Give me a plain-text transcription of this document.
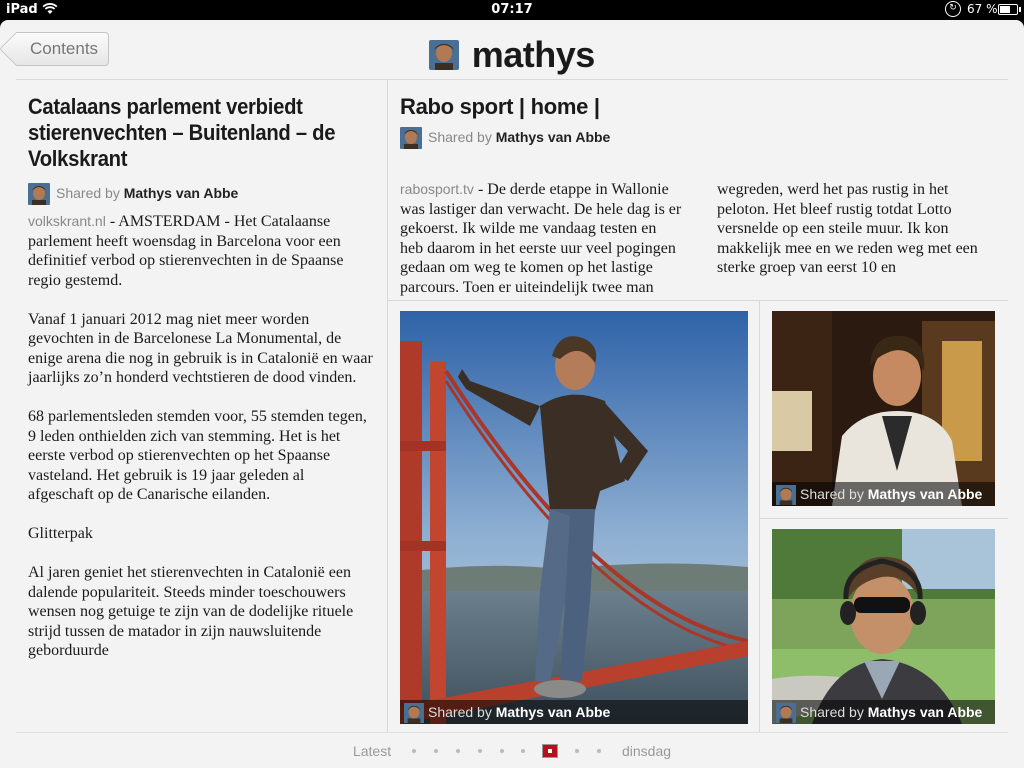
iPad	07:17	↻ 67 %
Contents	mathys
Catalaans parlement verbiedt stierenvechten – Buitenland – de Volkskrant
Shared by Mathys van Abbe

volkskrant.nl - AMSTERDAM - Het Catalaanse parlement heeft woensdag in Barcelona voor een definitief verbod op stierenvechten in de Spaanse regio gestemd.

Vanaf 1 januari 2012 mag niet meer worden gevochten in de Barcelonese La Monumental, de enige arena die nog in gebruik is in Catalonië en waar jaarlijks zo’n honderd vechtstieren de dood vinden.

68 parlementsleden stemden voor, 55 stemden tegen, 9 leden onthielden zich van stemming. Het is het eerste verbod op stierenvechten op het Spaanse vasteland. Het gebruik is 19 jaar geleden al afgeschaft op de Canarische eilanden.

Glitterpak

Al jaren geniet het stierenvechten in Catalonië een dalende populariteit. Steeds minder toeschouwers wensen nog getuige te zijn van de dodelijke rituele strijd tussen de matador in zijn nauwsluitende geborduurde

Rabo sport | home |
Shared by Mathys van Abbe
rabosport.tv - De derde etappe in Wallonie was lastiger dan verwacht. De hele dag is er gekoerst. Ik wilde me vandaag testen en heb daarom in het eerste uur veel pogingen gedaan om weg te komen op het lastige parcours. Toen er uiteindelijk twee man wegreden, werd het pas rustig in het peloton. Het bleef rustig totdat Lotto versnelde op een steile muur. Ik kon makkelijk mee en we reden weg met een sterke groep van eerst 10 en
Shared by Mathys van Abbe
Shared by Mathys van Abbe
Shared by Mathys van Abbe
Latest	dinsdag
